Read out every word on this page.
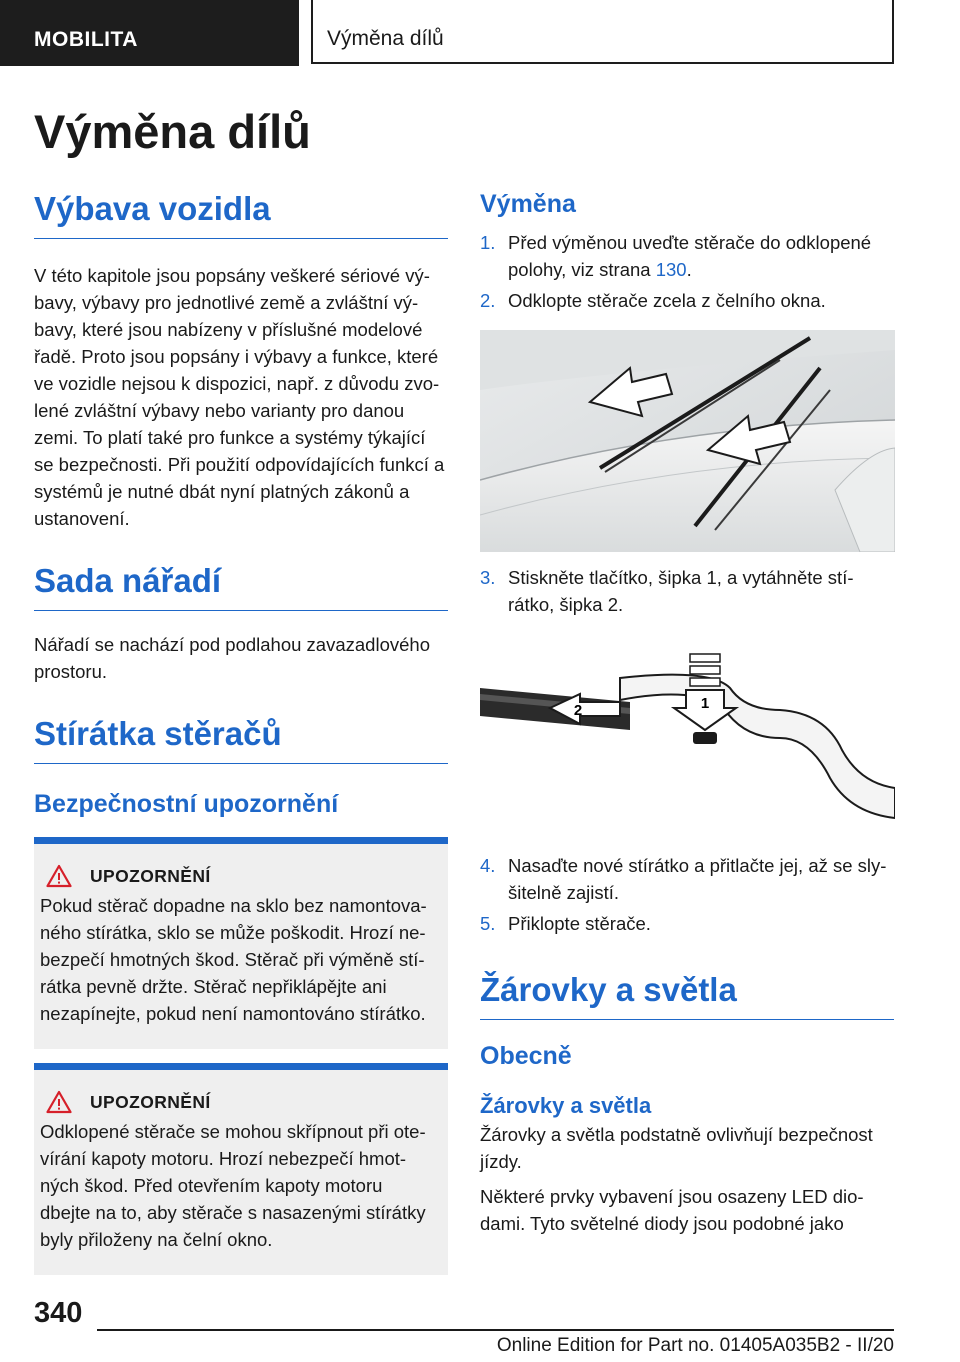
MOBILITA	Výměna dílů
Výměna dílů
Výbava vozidla

V této kapitole jsou popsány veškeré sériové vý‐
bavy, výbavy pro jednotlivé země a zvláštní vý‐
bavy, které jsou nabízeny v příslušné modelové
řadě. Proto jsou popsány i výbavy a funkce, které
ve vozidle nejsou k dispozici, např. z důvodu zvo‐
lené zvláštní výbavy nebo varianty pro danou
zemi. To platí také pro funkce a systémy týkající
se bezpečnosti. Při použití odpovídajících funkcí a
systémů je nutné dbát nyní platných zákonů a
ustanovení.

Sada nářadí

Nářadí se nachází pod podlahou zavazadlového
prostoru.

Stírátka stěračů
Bezpečnostní upozornění
UPOZORNĚNÍ

Pokud stěrač dopadne na sklo bez namontova‐
ného stírátka, sklo se může poškodit. Hrozí ne‐
bezpečí hmotných škod. Stěrač při výměně stí‐
rátka pevně držte. Stěrač nepřiklápějte ani
nezapínejte, pokud není namontováno stírátko.

UPOZORNĚNÍ

Odklopené stěrače se mohou skřípnout při ote‐
vírání kapoty motoru. Hrozí nebezpečí hmot‐
ných škod. Před otevřením kapoty motoru
dbejte na to, aby stěrače s nasazenými stírátky
byly přiloženy na čelní okno.

Výměna
1. Před výměnou uveďte stěrače do odklopené
polohy, viz strana 130.
2. Odklopte stěrače zcela z čelního okna.
3. Stiskněte tlačítko, šipka 1, a vytáhněte stí‐
rátko, šipka 2.
1
2
4. Nasaďte nové stírátko a přitlačte jej, až se sly‐
šitelně zajistí.
5. Přiklopte stěrače.
Žárovky a světla
Obecně
Žárovky a světla

Žárovky a světla podstatně ovlivňují bezpečnost
jízdy.

Některé prvky vybavení jsou osazeny LED dio‐
dami. Tyto světelné diody jsou podobné jako

340
Online Edition for Part no. 01405A035B2 - II/20
